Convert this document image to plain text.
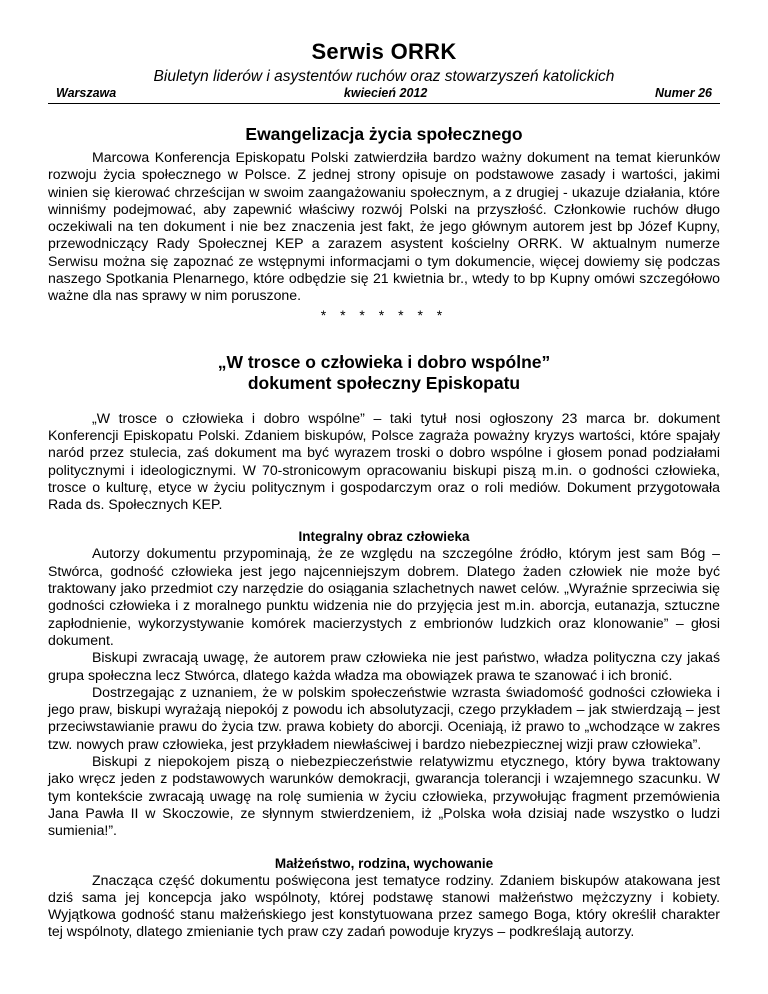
Serwis ORRK
Biuletyn liderów i asystentów ruchów oraz stowarzyszeń katolickich
Warszawa	kwiecień 2012	Numer 26
Ewangelizacja życia społecznego

Marcowa Konferencja Episkopatu Polski zatwierdziła bardzo ważny dokument na temat kierunków rozwoju życia społecznego w Polsce. Z jednej strony opisuje on podstawowe zasady i wartości, jakimi winien się kierować chrześcijan w swoim zaangażowaniu społecznym, a z drugiej - ukazuje działania, które winniśmy podejmować, aby zapewnić właściwy rozwój Polski na przyszłość. Członkowie ruchów długo oczekiwali na ten dokument i nie bez znaczenia jest fakt, że jego głównym autorem jest bp Józef Kupny, przewodniczący Rady Społecznej KEP a zarazem asystent kościelny ORRK. W aktualnym numerze Serwisu można się zapoznać ze wstępnymi informacjami o tym dokumencie, więcej dowiemy się podczas naszego Spotkania Plenarnego, które odbędzie się 21 kwietnia br., wtedy to bp Kupny omówi szczegółowo ważne dla nas sprawy w nim poruszone.

* * * * * * *
„W trosce o człowieka i dobro wspólne”
dokument społeczny Episkopatu

„W trosce o człowieka i dobro wspólne” – taki tytuł nosi ogłoszony 23 marca br. dokument Konferencji Episkopatu Polski. Zdaniem biskupów, Polsce zagraża poważny kryzys wartości, które spajały naród przez stulecia, zaś dokument ma być wyrazem troski o dobro wspólne i głosem ponad podziałami politycznymi i ideologicznymi. W 70-stronicowym opracowaniu biskupi piszą m.in. o godności człowieka, trosce o kulturę, etyce w życiu politycznym i gospodarczym oraz o roli mediów. Dokument przygotowała Rada ds. Społecznych KEP.

Integralny obraz człowieka

Autorzy dokumentu przypominają, że ze względu na szczególne źródło, którym jest sam Bóg – Stwórca, godność człowieka jest jego najcenniejszym dobrem. Dlatego żaden człowiek nie może być traktowany jako przedmiot czy narzędzie do osiągania szlachetnych nawet celów. „Wyraźnie sprzeciwia się godności człowieka i z moralnego punktu widzenia nie do przyjęcia jest m.in. aborcja, eutanazja, sztuczne zapłodnienie, wykorzystywanie komórek macierzystych z embrionów ludzkich oraz klonowanie” – głosi dokument.

Biskupi zwracają uwagę, że autorem praw człowieka nie jest państwo, władza polityczna czy jakaś grupa społeczna lecz Stwórca, dlatego każda władza ma obowiązek prawa te szanować i ich bronić.

Dostrzegając z uznaniem, że w polskim społeczeństwie wzrasta świadomość godności człowieka i jego praw, biskupi wyrażają niepokój z powodu ich absolutyzacji, czego przykładem – jak stwierdzają – jest przeciwstawianie prawu do życia tzw. prawa kobiety do aborcji. Oceniają, iż prawo to „wchodzące w zakres tzw. nowych praw człowieka, jest przykładem niewłaściwej i bardzo niebezpiecznej wizji praw człowieka”.

Biskupi z niepokojem piszą o niebezpieczeństwie relatywizmu etycznego, który bywa traktowany jako wręcz jeden z podstawowych warunków demokracji, gwarancja tolerancji i wzajemnego szacunku. W tym kontekście zwracają uwagę na rolę sumienia w życiu człowieka, przywołując fragment przemówienia Jana Pawła II w Skoczowie, ze słynnym stwierdzeniem, iż „Polska woła dzisiaj nade wszystko o ludzi sumienia!”.

Małżeństwo, rodzina, wychowanie

Znacząca część dokumentu poświęcona jest tematyce rodziny. Zdaniem biskupów atakowana jest dziś sama jej koncepcja jako wspólnoty, której podstawę stanowi małżeństwo mężczyzny i kobiety. Wyjątkowa godność stanu małżeńskiego jest konstytuowana przez samego Boga, który określił charakter tej wspólnoty, dlatego zmienianie tych praw czy zadań powoduje kryzys – podkreślają autorzy.
